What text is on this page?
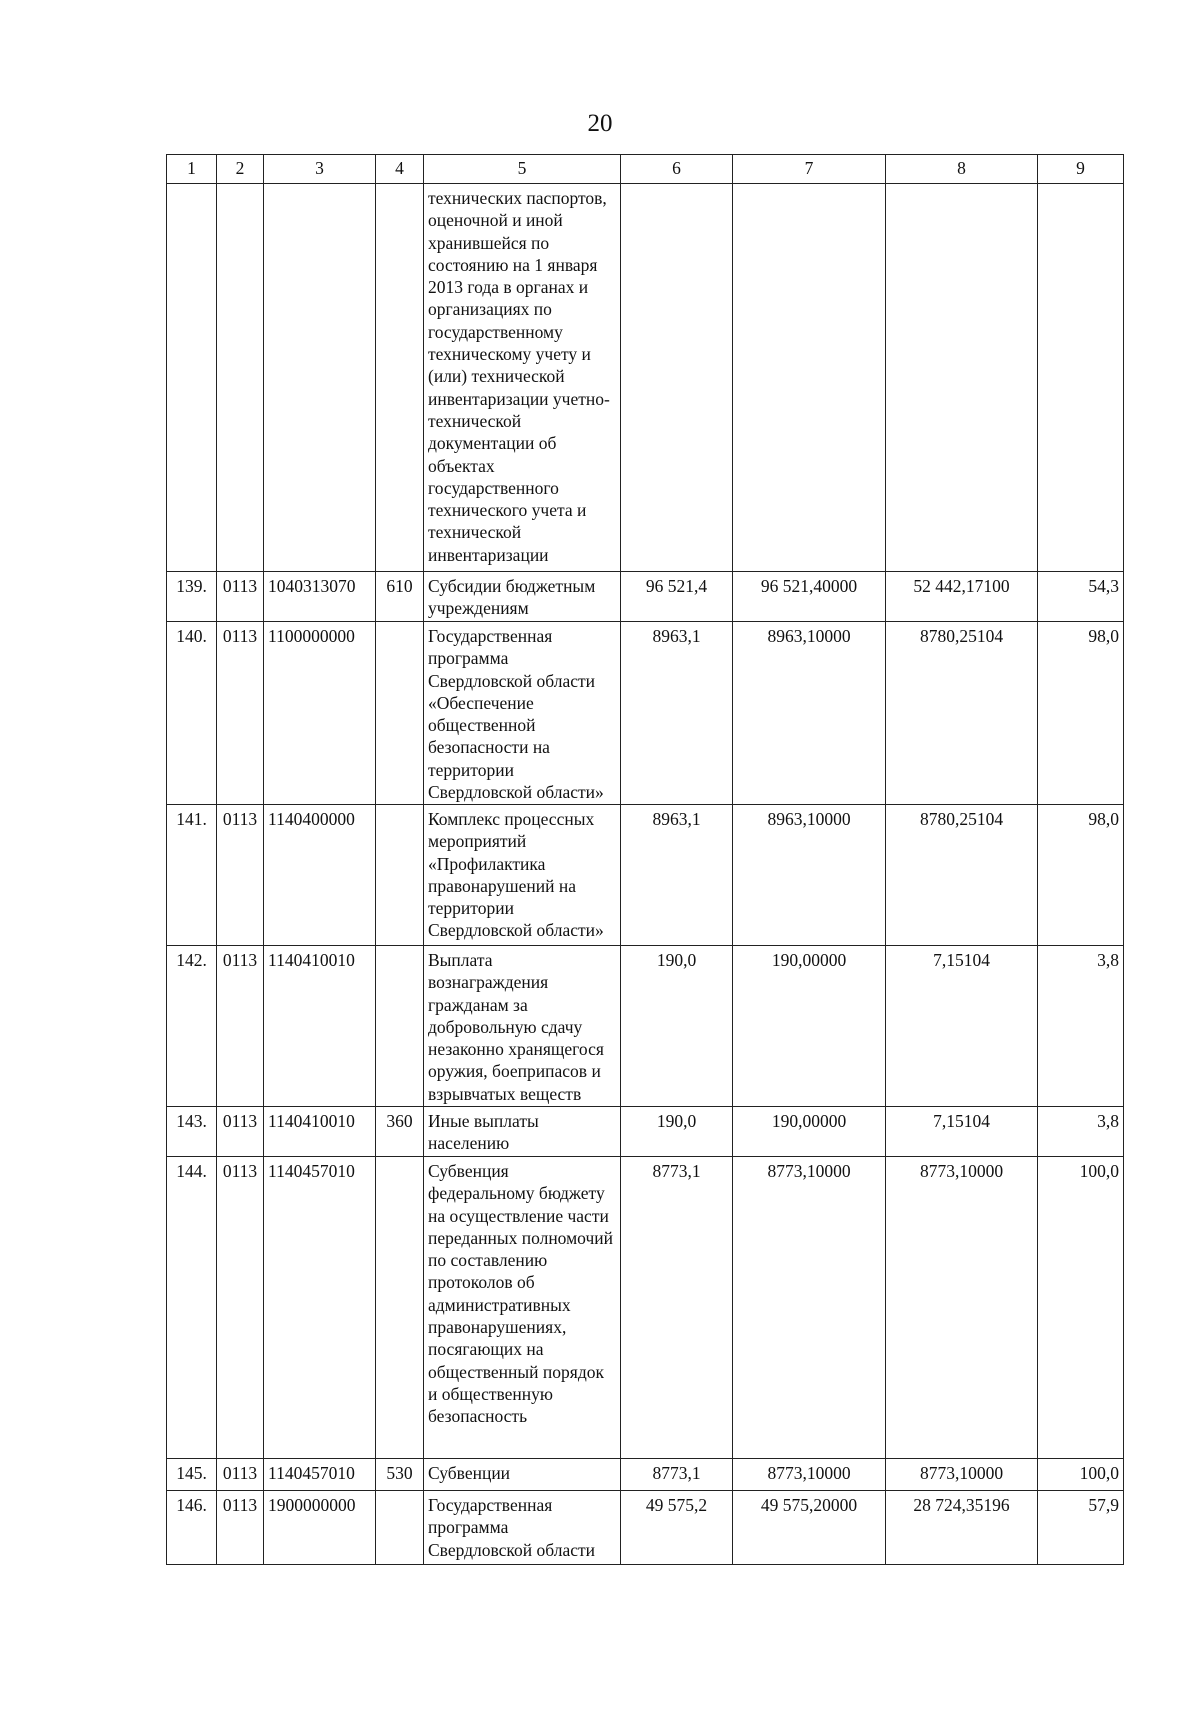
20
1	2	3	4	5	6	7	8	9
				технических паспортов, оценочной и иной хранившейся по состоянию на 1 января 2013 года в органах и организациях по государственному техническому учету и (или) технической инвентаризации учетно-технической документации об объектах государственного технического учета и технической инвентаризации				
139.	0113	1040313070	610	Субсидии бюджетным учреждениям	96 521,4	96 521,40000	52 442,17100	54,3
140.	0113	1100000000		Государственная программа Свердловской области «Обеспечение общественной безопасности на территории Свердловской области»	8963,1	8963,10000	8780,25104	98,0
141.	0113	1140400000		Комплекс процессных мероприятий «Профилактика правонарушений на территории Свердловской области»	8963,1	8963,10000	8780,25104	98,0
142.	0113	1140410010		Выплата вознаграждения гражданам за добровольную сдачу незаконно хранящегося оружия, боеприпасов и взрывчатых веществ	190,0	190,00000	7,15104	3,8
143.	0113	1140410010	360	Иные выплаты населению	190,0	190,00000	7,15104	3,8
144.	0113	1140457010		Субвенция федеральному бюджету на осуществление части переданных полномочий по составлению протоколов об административных правонарушениях, посягающих на общественный порядок и общественную безопасность	8773,1	8773,10000	8773,10000	100,0
145.	0113	1140457010	530	Субвенции	8773,1	8773,10000	8773,10000	100,0
146.	0113	1900000000		Государственная программа Свердловской области	49 575,2	49 575,20000	28 724,35196	57,9
